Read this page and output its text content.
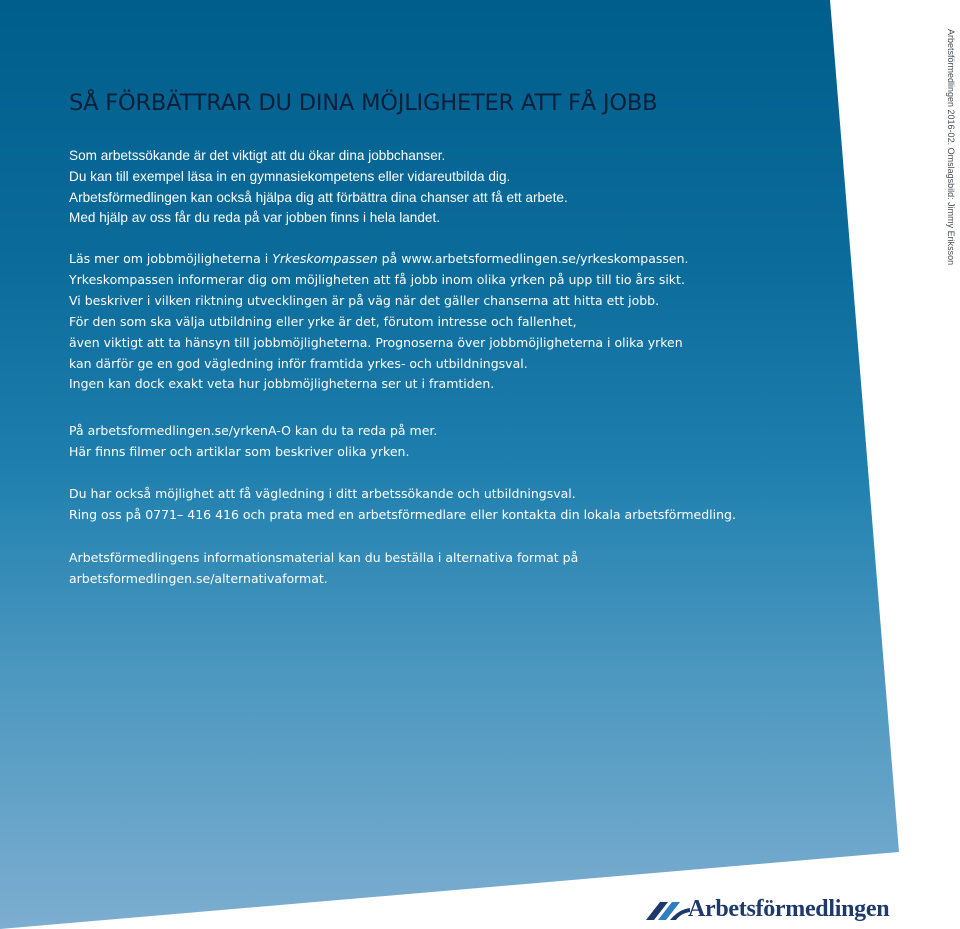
SÅ FÖRBÄTTRAR DU DINA MÖJLIGHETER ATT FÅ JOBB

Som arbetssökande är det viktigt att du ökar dina jobbchanser.
Du kan till exempel läsa in en gymnasiekompetens eller vidareutbilda dig.
Arbetsförmedlingen kan också hjälpa dig att förbättra dina chanser att få ett arbete.
Med hjälp av oss får du reda på var jobben finns i hela landet.

Läs mer om jobbmöjligheterna i Yrkeskompassen på www.arbetsformedlingen.se/yrkeskompassen.
Yrkeskompassen informerar dig om möjligheten att få jobb inom olika yrken på upp till tio års sikt.
Vi beskriver i vilken riktning utvecklingen är på väg när det gäller chanserna att hitta ett jobb.
För den som ska välja utbildning eller yrke är det, förutom intresse och fallenhet,
även viktigt att ta hänsyn till jobbmöjligheterna. Prognoserna över jobbmöjligheterna i olika yrken
kan därför ge en god vägledning inför framtida yrkes- och utbildningsval.
Ingen kan dock exakt veta hur jobbmöjligheterna ser ut i framtiden.

På arbetsformedlingen.se/yrkenA-O kan du ta reda på mer.
Här finns filmer och artiklar som beskriver olika yrken.

Du har också möjlighet att få vägledning i ditt arbetssökande och utbildningsval.
Ring oss på 0771– 416 416 och prata med en arbetsförmedlare eller kontakta din lokala arbetsförmedling.

Arbetsförmedlingens informationsmaterial kan du beställa i alternativa format på
arbetsformedlingen.se/alternativaformat.

Arbetsförmedlingen 2016-02. Omslagsbild: Jimmy Eriksson
Arbetsförmedlingen
